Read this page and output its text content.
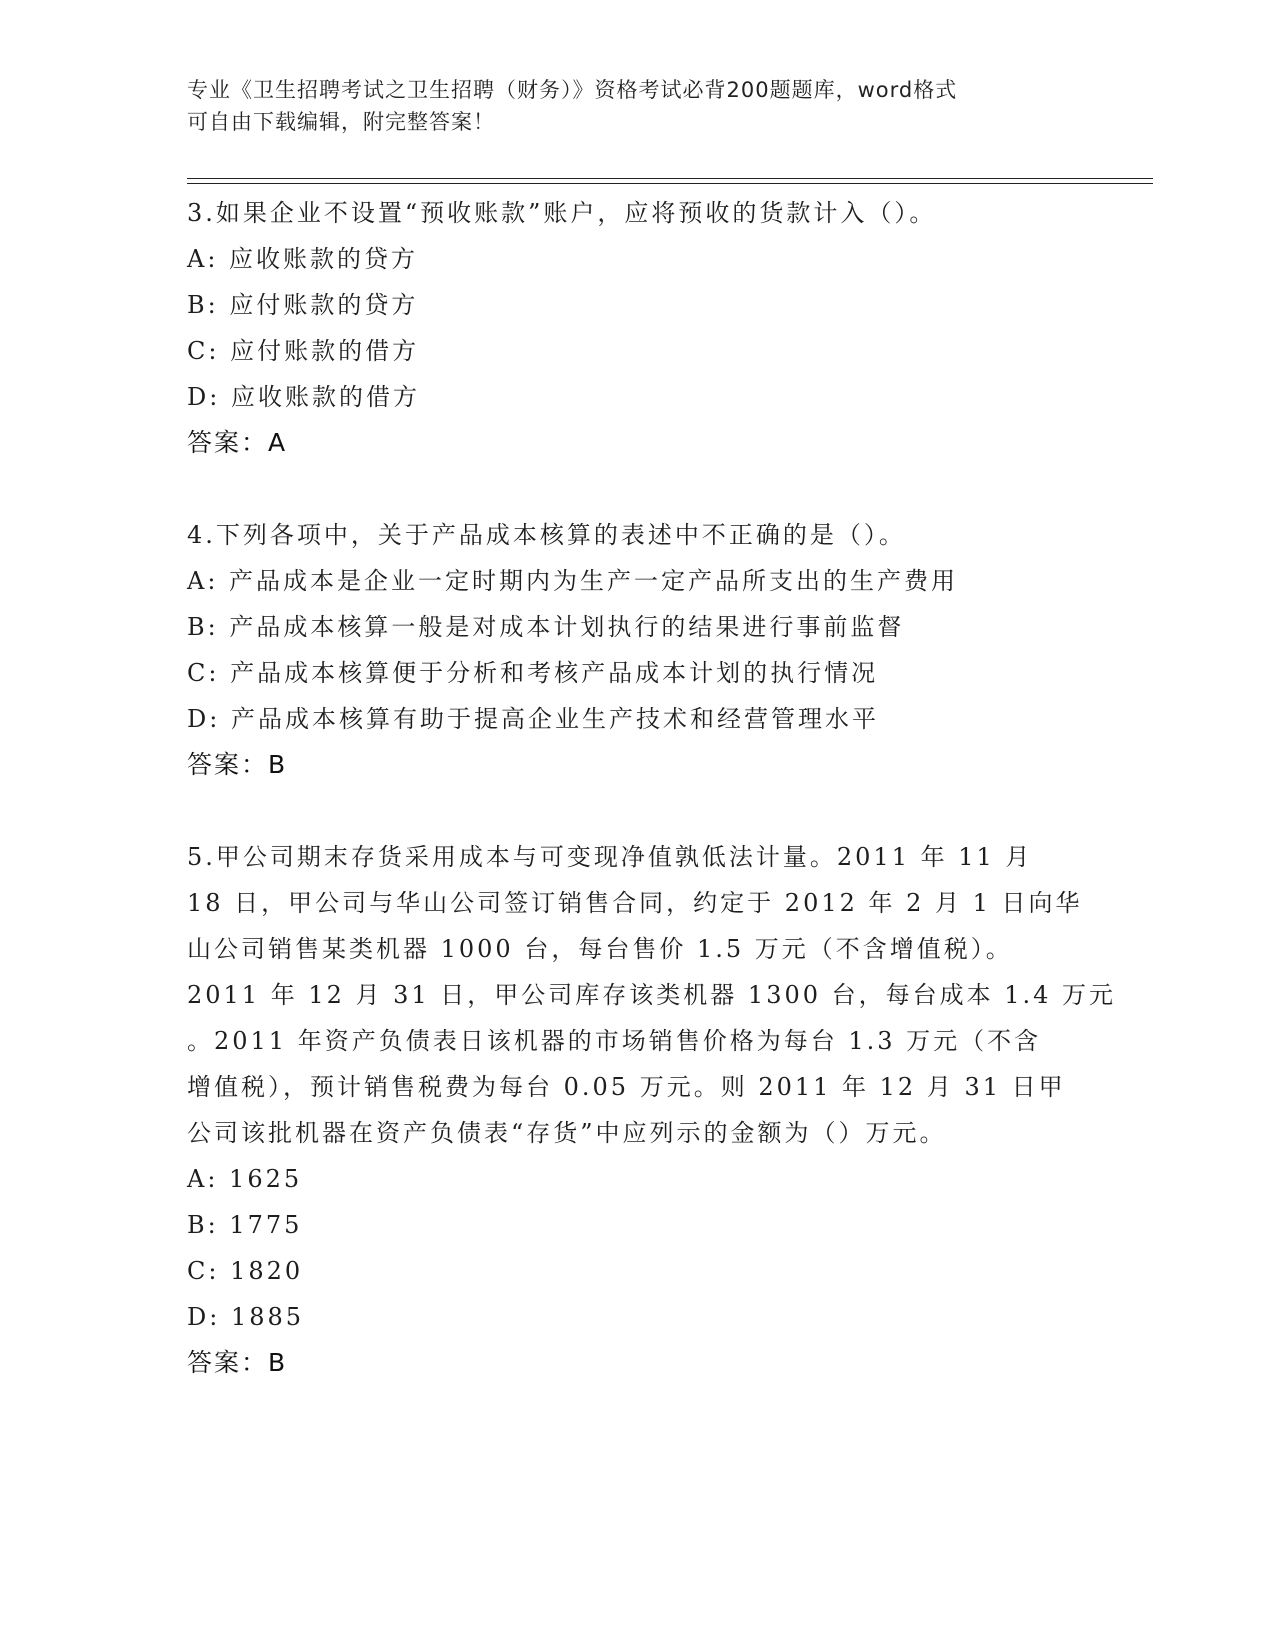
专业《卫生招聘考试之卫生招聘（财务）》资格考试必背200题题库，word格式
可自由下载编辑，附完整答案！
3.如果企业不设置“预收账款”账户，应将预收的货款计入（）。
A: 应收账款的贷方
B: 应付账款的贷方
C: 应付账款的借方
D: 应收账款的借方
答案：A
4.下列各项中，关于产品成本核算的表述中不正确的是（）。
A: 产品成本是企业一定时期内为生产一定产品所支出的生产费用
B: 产品成本核算一般是对成本计划执行的结果进行事前监督
C: 产品成本核算便于分析和考核产品成本计划的执行情况
D: 产品成本核算有助于提高企业生产技术和经营管理水平
答案：B
5.甲公司期末存货采用成本与可变现净值孰低法计量。2011 年 11 月
18 日，甲公司与华山公司签订销售合同，约定于 2012 年 2 月 1 日向华
山公司销售某类机器 1000 台，每台售价 1.5 万元（不含增值税）。
2011 年 12 月 31 日，甲公司库存该类机器 1300 台，每台成本 1.4 万元
。2011 年资产负债表日该机器的市场销售价格为每台 1.3 万元（不含
增值税），预计销售税费为每台 0.05 万元。则 2011 年 12 月 31 日甲
公司该批机器在资产负债表“存货”中应列示的金额为（）万元。
A: 1625
B: 1775
C: 1820
D: 1885
答案：B
